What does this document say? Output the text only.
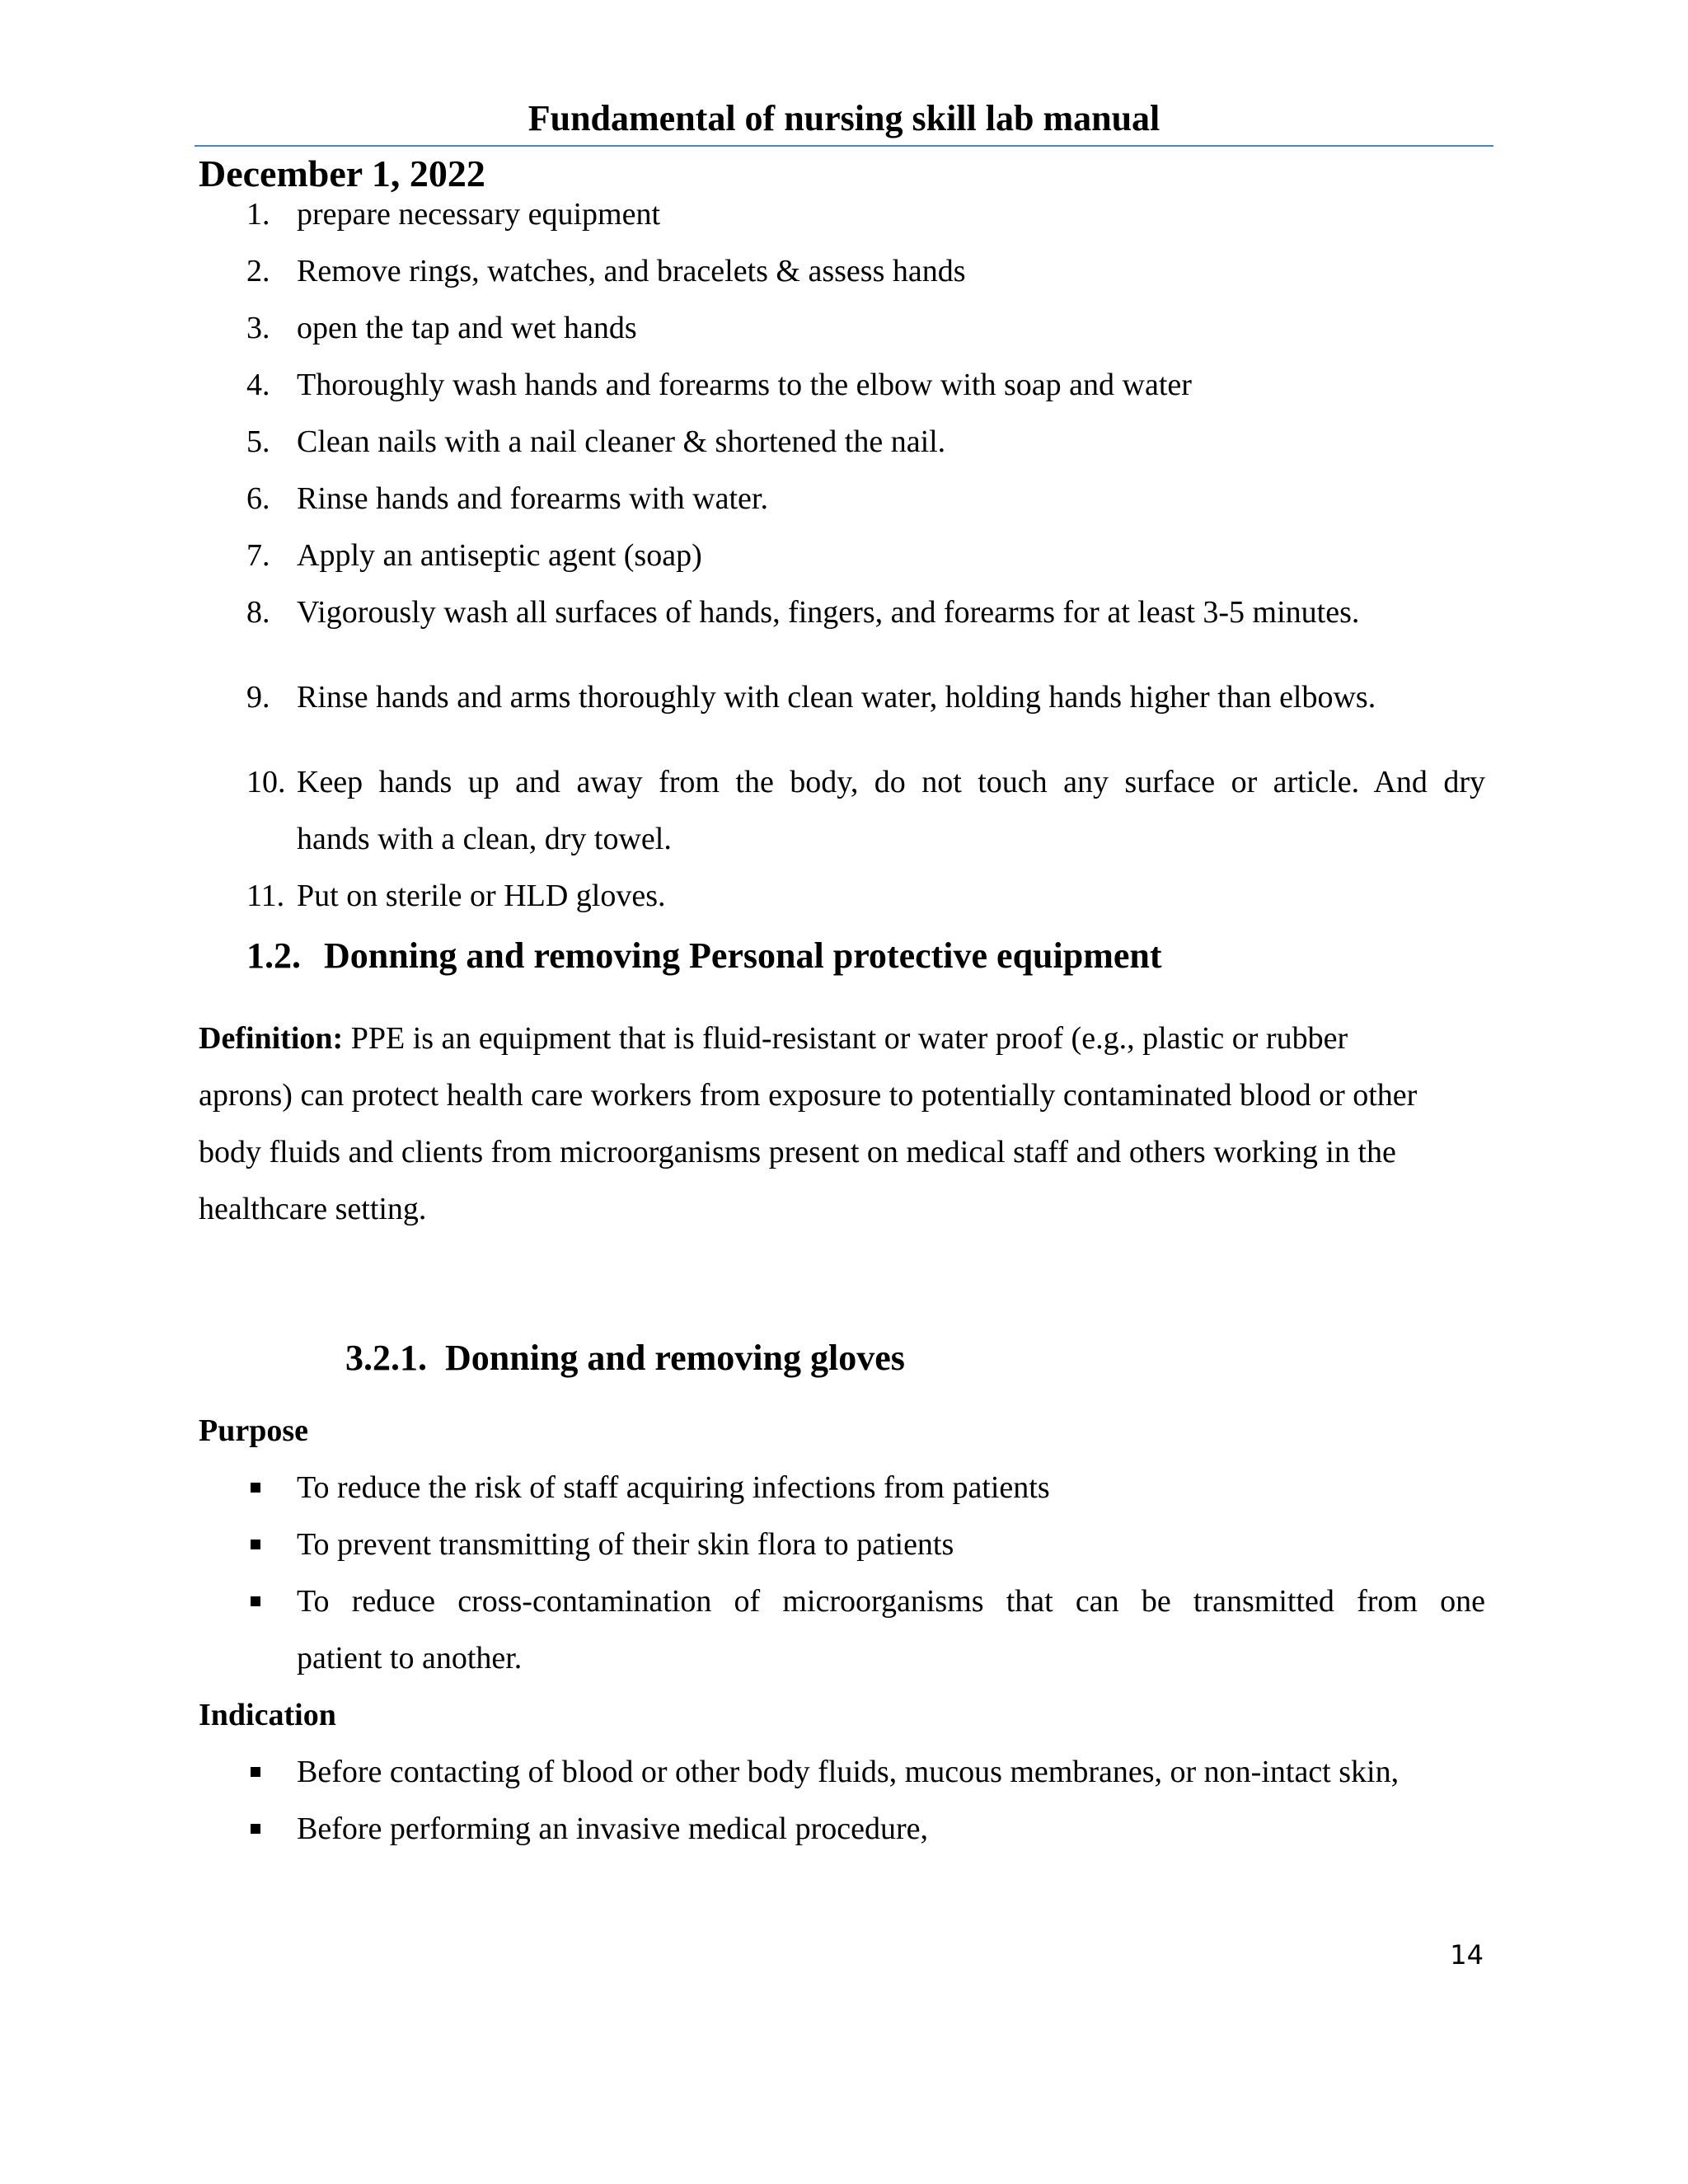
Fundamental of nursing skill lab manual
December 1, 2022
1. prepare necessary equipment
2. Remove rings, watches, and bracelets & assess hands
3. open the tap and wet hands
4. Thoroughly wash hands and forearms to the elbow with soap and water
5. Clean nails with a nail cleaner & shortened the nail.
6. Rinse hands and forearms with water.
7. Apply an antiseptic agent (soap)
8. Vigorously wash all surfaces of hands, fingers, and forearms for at least 3-5 minutes.
9. Rinse hands and arms thoroughly with clean water, holding hands higher than elbows.
10. Keep hands up and away from the body, do not touch any surface or article. And dry
hands with a clean, dry towel.
11. Put on sterile or HLD gloves.
1.2. Donning and removing Personal protective equipment
Definition: PPE is an equipment that is fluid-resistant or water proof (e.g., plastic or rubber
aprons) can protect health care workers from exposure to potentially contaminated blood or other
body fluids and clients from microorganisms present on medical staff and others working in the
healthcare setting.
3.2.1. Donning and removing gloves
Purpose
To reduce the risk of staff acquiring infections from patients
To prevent transmitting of their skin flora to patients
To reduce cross-contamination of microorganisms that can be transmitted from one
patient to another.
Indication
Before contacting of blood or other body fluids, mucous membranes, or non-intact skin,
Before performing an invasive medical procedure,
14
